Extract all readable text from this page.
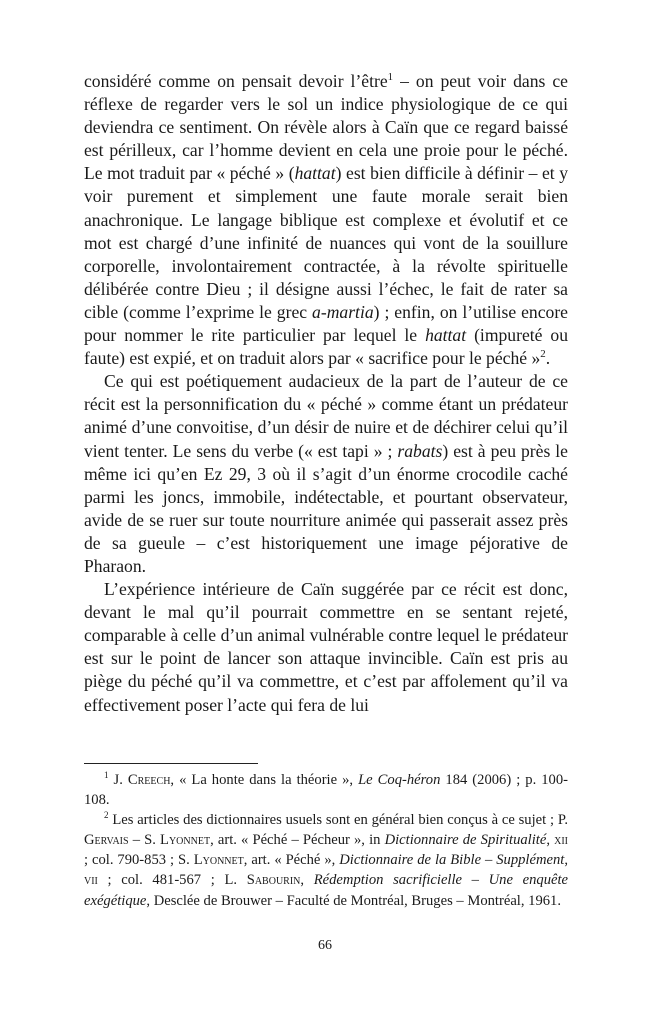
considéré comme on pensait devoir l’être$^1$ – on peut voir dans ce réflexe de regarder vers le sol un indice physiologique de ce qui deviendra ce sentiment. On révèle alors à Caïn que ce regard baissé est périlleux, car l’homme devient en cela une proie pour le péché. Le mot traduit par « péché » (hattat) est bien difficile à définir – et y voir purement et simplement une faute morale serait bien anachronique. Le langage biblique est complexe et évolutif et ce mot est chargé d’une infinité de nuances qui vont de la souillure corporelle, involontairement contractée, à la révolte spirituelle délibérée contre Dieu ; il désigne aussi l’échec, le fait de rater sa cible (comme l’exprime le grec a-martia) ; enfin, on l’utilise encore pour nommer le rite particulier par lequel le hattat (impureté ou faute) est expié, et on traduit alors par « sacrifice pour le péché »$^2$.

Ce qui est poétiquement audacieux de la part de l’auteur de ce récit est la personnification du « péché » comme étant un prédateur animé d’une convoitise, d’un désir de nuire et de déchirer celui qu’il vient tenter. Le sens du verbe (« est tapi » ; rabats) est à peu près le même ici qu’en Ez 29, 3 où il s’agit d’un énorme crocodile caché parmi les joncs, immobile, indétectable, et pourtant observateur, avide de se ruer sur toute nourriture animée qui passerait assez près de sa gueule – c’est historiquement une image péjorative de Pharaon.

L’expérience intérieure de Caïn suggérée par ce récit est donc, devant le mal qu’il pourrait commettre en se sentant rejeté, comparable à celle d’un animal vulnérable contre lequel le prédateur est sur le point de lancer son attaque invincible. Caïn est pris au piège du péché qu’il va commettre, et c’est par affolement qu’il va effectivement poser l’acte qui fera de lui

$^1$ J. Creech, « La honte dans la théorie », Le Coq-héron 184 (2006) ; p. 100-108.

$^2$ Les articles des dictionnaires usuels sont en général bien conçus à ce sujet ; P. Gervais – S. Lyonnet, art. « Péché – Pécheur », in Dictionnaire de Spiritualité, xii ; col. 790-853 ; S. Lyonnet, art. « Péché », Dictionnaire de la Bible – Supplément, vii ; col. 481-567 ; L. Sabourin, Rédemption sacrificielle – Une enquête exégétique, Desclée de Brouwer – Faculté de Montréal, Bruges – Montréal, 1961.

66
